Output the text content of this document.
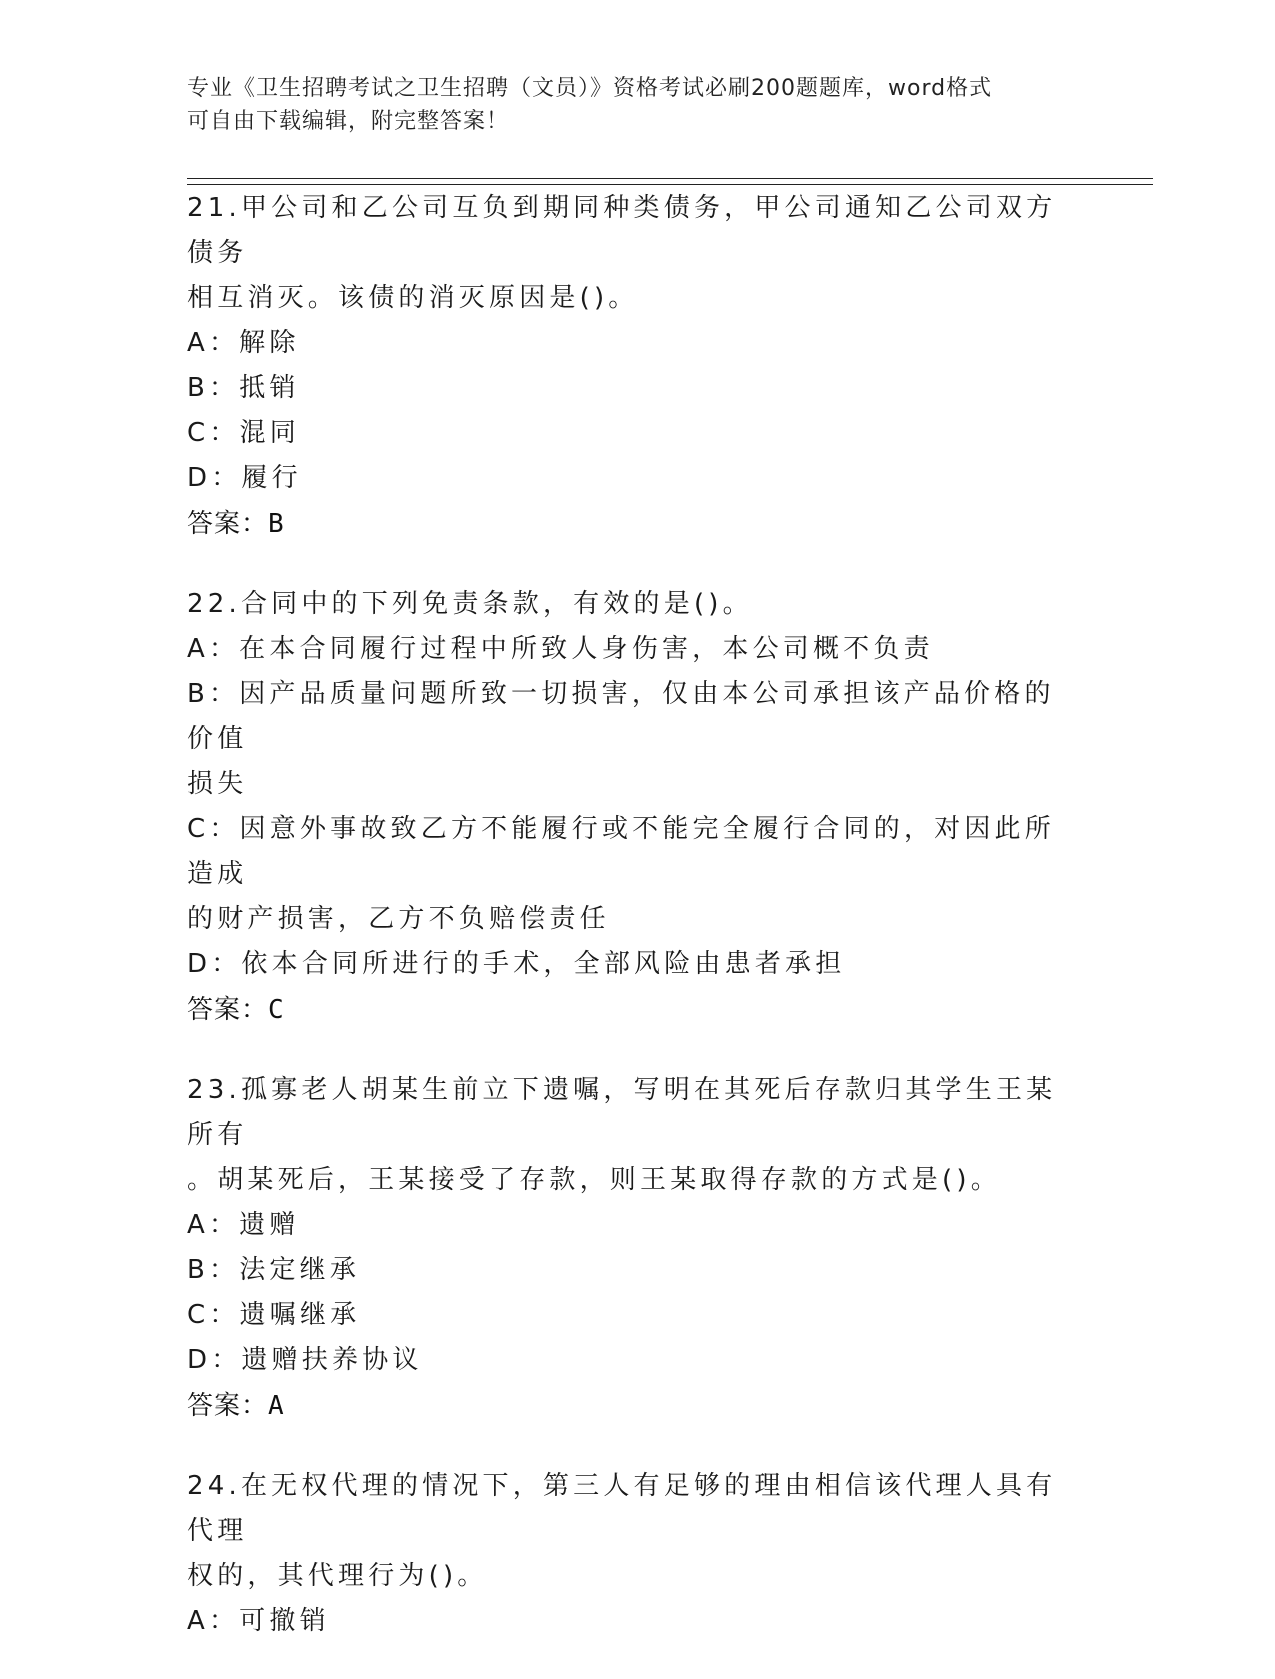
专业《卫生招聘考试之卫生招聘（文员）》资格考试必刷200题题库，word格式
可自由下载编辑，附完整答案！
21.甲公司和乙公司互负到期同种类债务，甲公司通知乙公司双方债务
相互消灭。该债的消灭原因是()。
A：解除
B：抵销
C：混同
D：履行
答案：B
22.合同中的下列免责条款，有效的是()。
A：在本合同履行过程中所致人身伤害，本公司概不负责
B：因产品质量问题所致一切损害，仅由本公司承担该产品价格的价值
损失
C：因意外事故致乙方不能履行或不能完全履行合同的，对因此所造成
的财产损害，乙方不负赔偿责任
D：依本合同所进行的手术，全部风险由患者承担
答案：C
23.孤寡老人胡某生前立下遗嘱，写明在其死后存款归其学生王某所有
。胡某死后，王某接受了存款，则王某取得存款的方式是()。
A：遗赠
B：法定继承
C：遗嘱继承
D：遗赠扶养协议
答案：A
24.在无权代理的情况下，第三人有足够的理由相信该代理人具有代理
权的，其代理行为()。
A：可撤销
